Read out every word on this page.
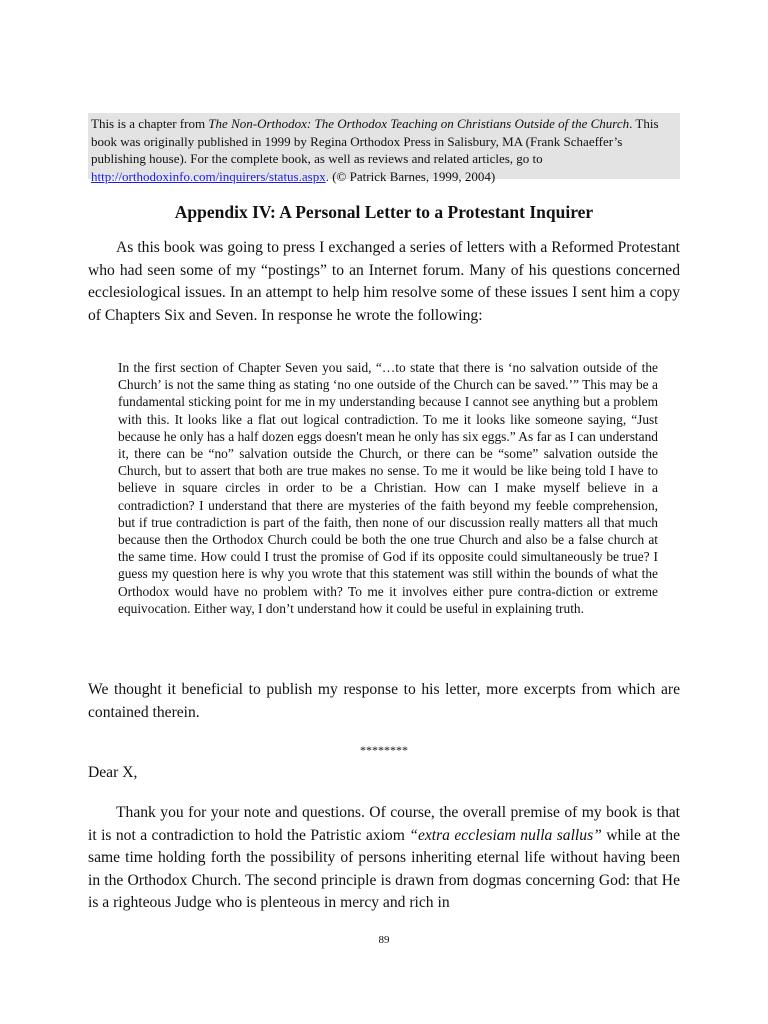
This is a chapter from The Non-Orthodox: The Orthodox Teaching on Christians Outside of the Church. This book was originally published in 1999 by Regina Orthodox Press in Salisbury, MA (Frank Schaeffer’s publishing house). For the complete book, as well as reviews and related articles, go to http://orthodoxinfo.com/inquirers/status.aspx. (© Patrick Barnes, 1999, 2004)
Appendix IV: A Personal Letter to a Protestant Inquirer

As this book was going to press I exchanged a series of letters with a Reformed Protestant who had seen some of my “postings” to an Internet forum. Many of his questions concerned ecclesiological issues. In an attempt to help him resolve some of these issues I sent him a copy of Chapters Six and Seven. In response he wrote the following:

In the first section of Chapter Seven you said, “…to state that there is ‘no salvation outside of the Church’ is not the same thing as stating ‘no one outside of the Church can be saved.’” This may be a fundamental sticking point for me in my understanding because I cannot see anything but a problem with this. It looks like a flat out logical contradiction. To me it looks like someone saying, “Just because he only has a half dozen eggs doesn't mean he only has six eggs.” As far as I can understand it, there can be “no” salvation outside the Church, or there can be “some” salvation outside the Church, but to assert that both are true makes no sense. To me it would be like being told I have to believe in square circles in order to be a Christian. How can I make myself believe in a contradiction? I understand that there are mysteries of the faith beyond my feeble comprehension, but if true contradiction is part of the faith, then none of our discussion really matters all that much because then the Orthodox Church could be both the one true Church and also be a false church at the same time. How could I trust the promise of God if its opposite could simultaneously be true? I guess my question here is why you wrote that this statement was still within the bounds of what the Orthodox would have no problem with? To me it involves either pure contra-diction or extreme equivocation. Either way, I don’t understand how it could be useful in explaining truth.

We thought it beneficial to publish my response to his letter, more excerpts from which are contained therein.

********

Dear X,

Thank you for your note and questions. Of course, the overall premise of my book is that it is not a contradiction to hold the Patristic axiom “extra ecclesiam nulla sallus” while at the same time holding forth the possibility of persons inheriting eternal life without having been in the Orthodox Church. The second principle is drawn from dogmas concerning God: that He is a righteous Judge who is plenteous in mercy and rich in

89
